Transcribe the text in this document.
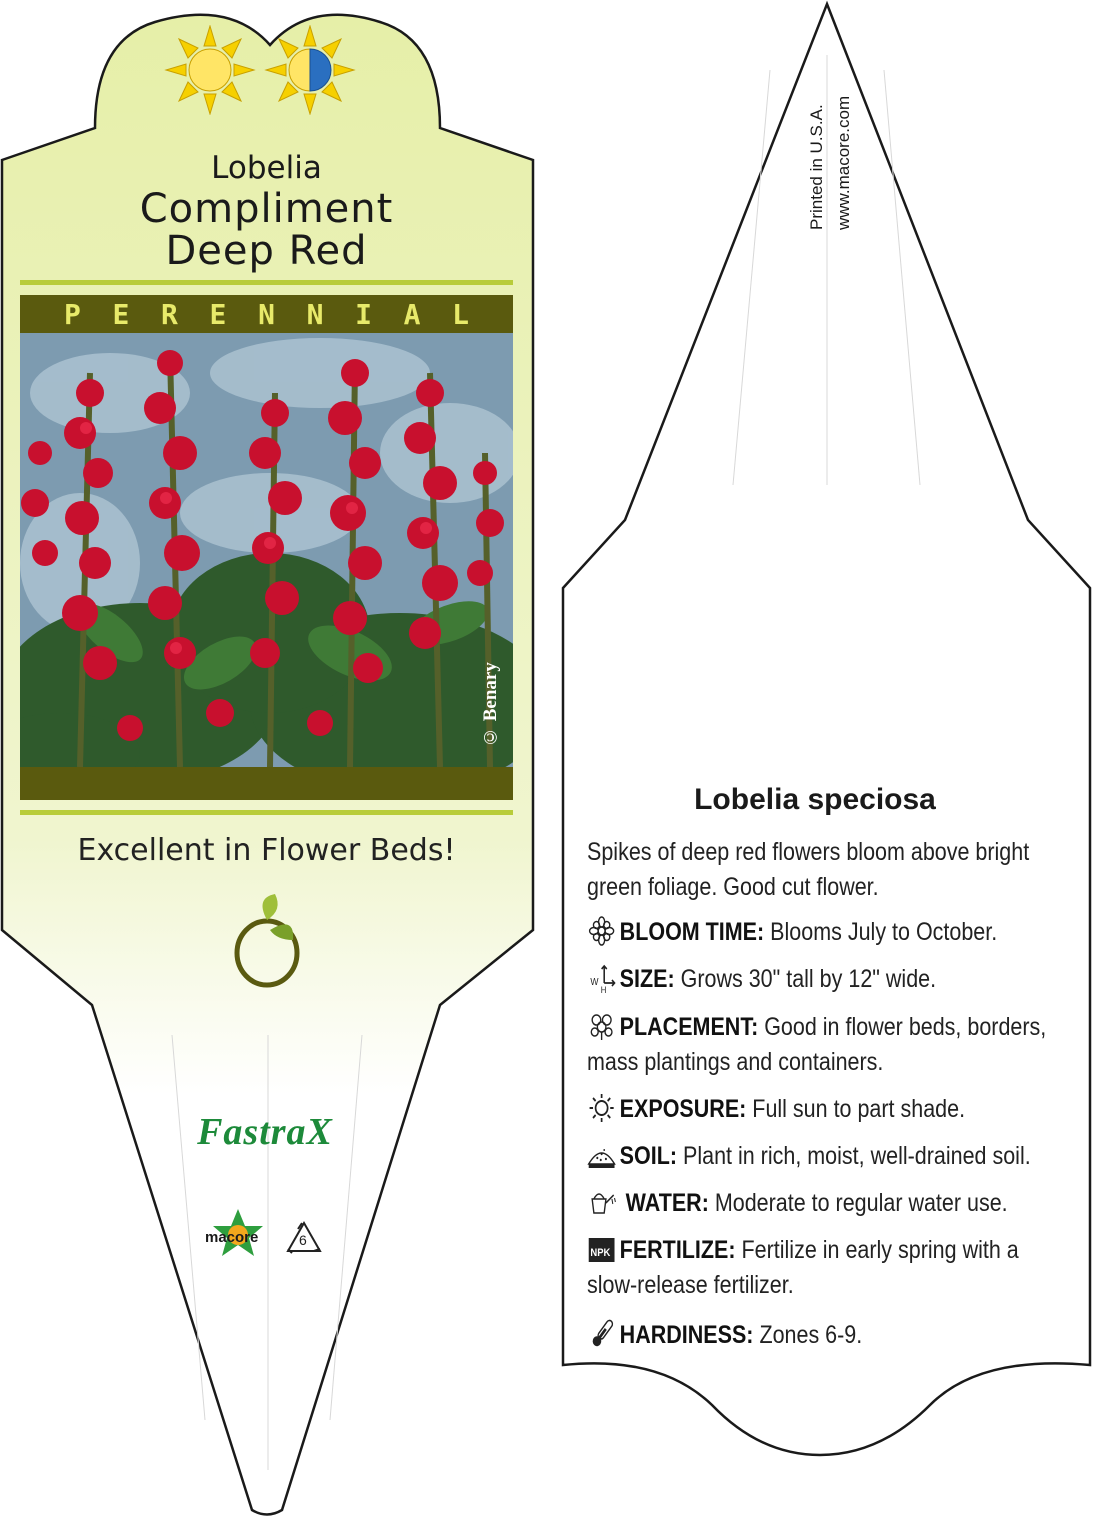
Lobelia
Compliment
Deep Red
P E R E N N I A L
© Benary
Excellent in Flower Beds!
FastraX
macore	6
Printed in U.S.A. www.macore.com
Lobelia speciosa
Spikes of deep red flowers bloom above bright green foliage. Good cut flower.
BLOOM TIME: Blooms July to October.
W
H SIZE: Grows 30" tall by 12" wide.
PLACEMENT: Good in flower beds, borders, mass plantings and containers.
EXPOSURE: Full sun to part shade.
SOIL: Plant in rich, moist, well-drained soil.
WATER: Moderate to regular water use.
NPK FERTILIZE: Fertilize in early spring with a slow-release fertilizer.
HARDINESS: Zones 6-9.
